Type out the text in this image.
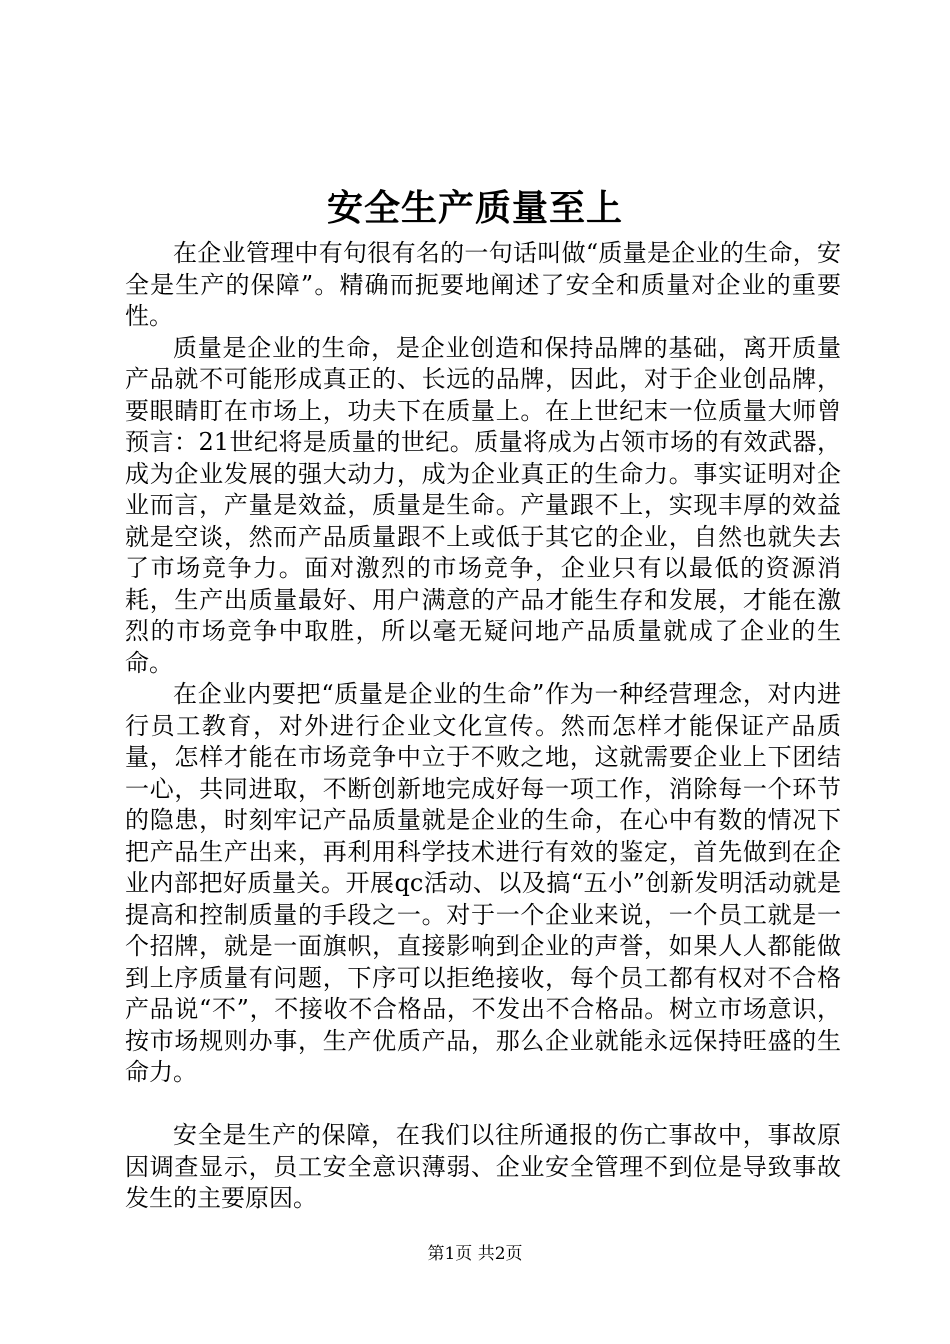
安全生产质量至上

在企业管理中有句很有名的一句话叫做“质量是企业的生命，安全是生产的保障”。精确而扼要地阐述了安全和质量对企业的重要性。

质量是企业的生命，是企业创造和保持品牌的基础，离开质量产品就不可能形成真正的、长远的品牌，因此，对于企业创品牌，要眼睛盯在市场上，功夫下在质量上。在上世纪末一位质量大师曾预言：21世纪将是质量的世纪。质量将成为占领市场的有效武器，成为企业发展的强大动力，成为企业真正的生命力。事实证明对企业而言，产量是效益，质量是生命。产量跟不上，实现丰厚的效益就是空谈，然而产品质量跟不上或低于其它的企业，自然也就失去了市场竞争力。面对激烈的市场竞争，企业只有以最低的资源消耗，生产出质量最好、用户满意的产品才能生存和发展，才能在激烈的市场竞争中取胜，所以毫无疑问地产品质量就成了企业的生命。

在企业内要把“质量是企业的生命”作为一种经营理念，对内进行员工教育，对外进行企业文化宣传。然而怎样才能保证产品质量，怎样才能在市场竞争中立于不败之地，这就需要企业上下团结一心，共同进取，不断创新地完成好每一项工作，消除每一个环节的隐患，时刻牢记产品质量就是企业的生命，在心中有数的情况下把产品生产出来，再利用科学技术进行有效的鉴定，首先做到在企业内部把好质量关。开展qc活动、以及搞“五小”创新发明活动就是提高和控制质量的手段之一。对于一个企业来说，一个员工就是一个招牌，就是一面旗帜，直接影响到企业的声誉，如果人人都能做到上序质量有问题，下序可以拒绝接收，每个员工都有权对不合格产品说“不”，不接收不合格品，不发出不合格品。树立市场意识，按市场规则办事，生产优质产品，那么企业就能永远保持旺盛的生命力。

安全是生产的保障，在我们以往所通报的伤亡事故中，事故原因调查显示，员工安全意识薄弱、企业安全管理不到位是导致事故发生的主要原因。

第1页 共2页
